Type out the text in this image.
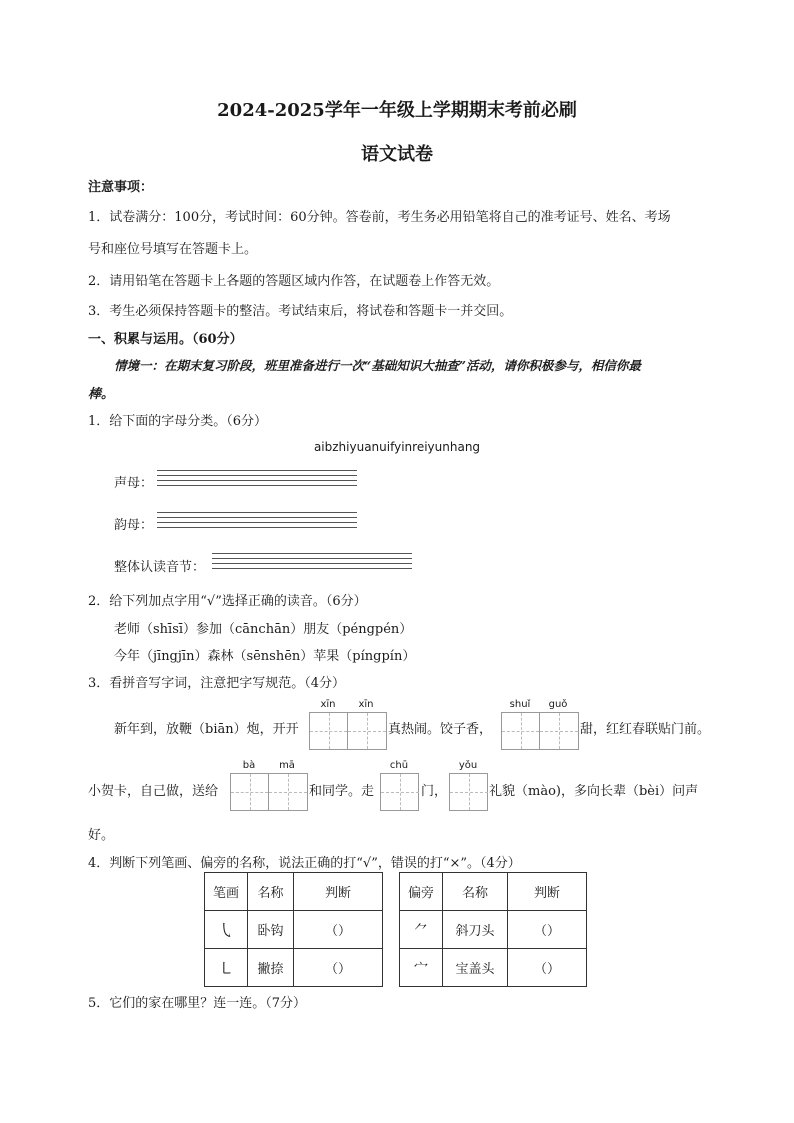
2024-2025学年一年级上学期期末考前必刷
语文试卷
注意事项：
1．试卷满分：100分，考试时间：60分钟。答卷前，考生务必用铅笔将自己的准考证号、姓名、考场
号和座位号填写在答题卡上。
2．请用铅笔在答题卡上各题的答题区域内作答，在试题卷上作答无效。
3．考生必须保持答题卡的整洁。考试结束后，将试卷和答题卡一并交回。
一、积累与运用。（60分）
情境一：在期末复习阶段，班里准备进行一次“基础知识大抽查”活动，请你积极参与，相信你最
棒。
1．给下面的字母分类。（6分）
aibzhiyuanuifyinreiyunhang
声母：
韵母：
整体认读音节：
2．给下列加点字用“√”选择正确的读音。（6分）
老师（shīsī）参加（cānchān）朋友（péngpén）
今年（jīngjīn）森林（sēnshēn）苹果（píngpín）
3．看拼音写字词，注意把字写规范。（4分）
xīn	xīn	shuǐ	guǒ
新年到，放鞭（biān）炮，开开	真热闹。饺子香，	甜，红红春联贴门前。
bà	mā	chū	yǒu
小贺卡，自己做，送给	和同学。走	门，	礼貌（mào)，多向长辈（bèi）问声
好。
4．判断下列笔画、偏旁的名称，说法正确的打“√”，错误的打“×”。（4分）
笔画	名称	判断		偏旁	名称	判断
㇂	卧钩	（）		⺈	斜刀头	（）
㇄	撇捺	（）		宀	宝盖头	（）
5．它们的家在哪里？连一连。（7分）
